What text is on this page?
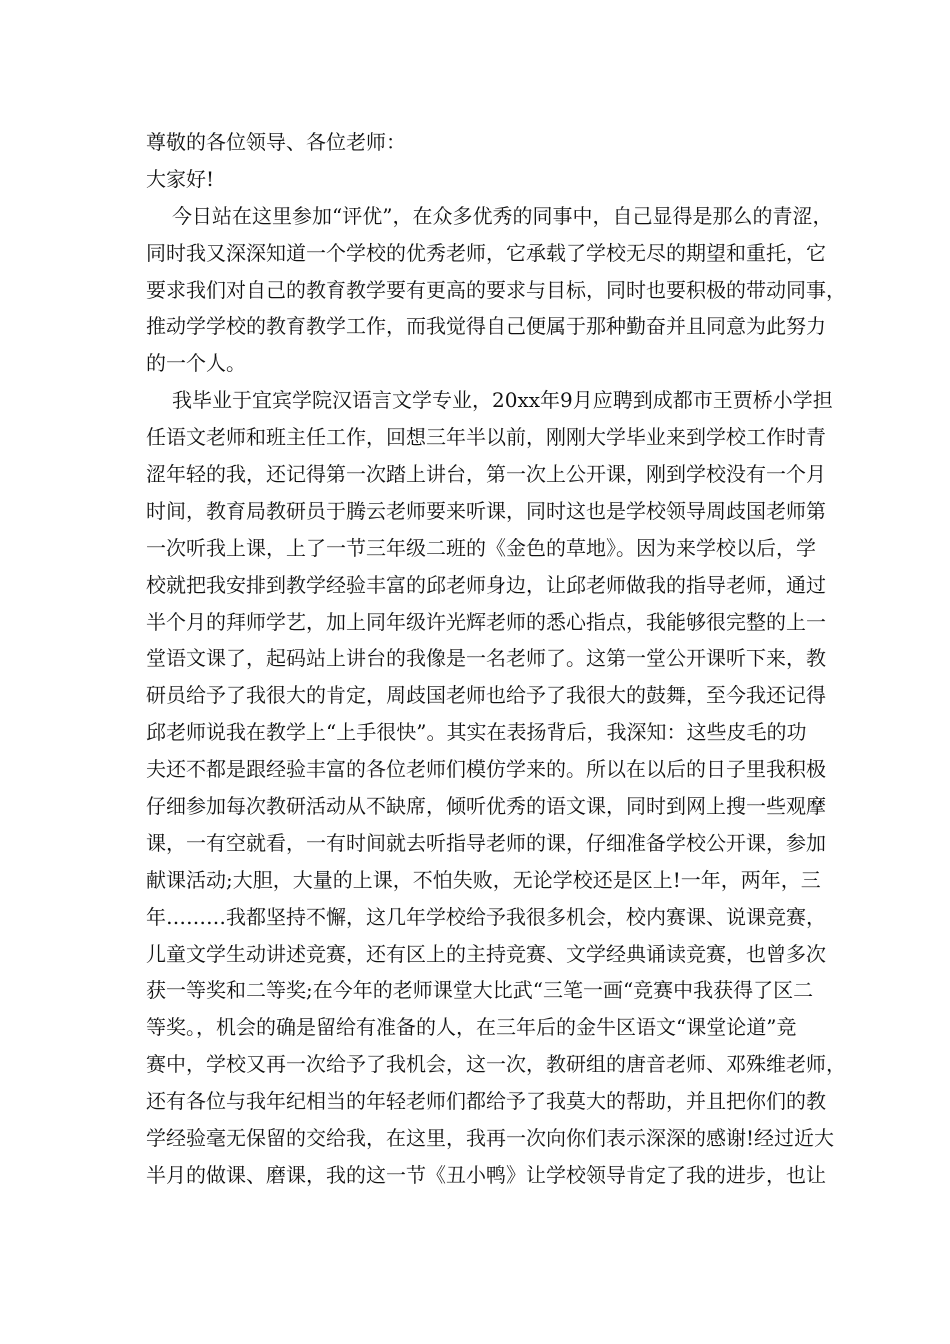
尊敬的各位领导、各位老师：
大家好!
今日站在这里参加“评优”，在众多优秀的同事中，自己显得是那么的青涩，
同时我又深深知道一个学校的优秀老师，它承载了学校无尽的期望和重托，它
要求我们对自己的教育教学要有更高的要求与目标，同时也要积极的带动同事，
推动学学校的教育教学工作，而我觉得自己便属于那种勤奋并且同意为此努力
的一个人。
我毕业于宜宾学院汉语言文学专业，20xx年9月应聘到成都市王贾桥小学担
任语文老师和班主任工作，回想三年半以前，刚刚大学毕业来到学校工作时青
涩年轻的我，还记得第一次踏上讲台，第一次上公开课，刚到学校没有一个月
时间，教育局教研员于腾云老师要来听课，同时这也是学校领导周歧国老师第
一次听我上课，上了一节三年级二班的《金色的草地》。因为来学校以后，学
校就把我安排到教学经验丰富的邱老师身边，让邱老师做我的指导老师，通过
半个月的拜师学艺，加上同年级许光辉老师的悉心指点，我能够很完整的上一
堂语文课了，起码站上讲台的我像是一名老师了。这第一堂公开课听下来，教
研员给予了我很大的肯定，周歧国老师也给予了我很大的鼓舞，至今我还记得
邱老师说我在教学上“上手很快”。其实在表扬背后，我深知：这些皮毛的功
夫还不都是跟经验丰富的各位老师们模仿学来的。所以在以后的日子里我积极
仔细参加每次教研活动从不缺席，倾听优秀的语文课，同时到网上搜一些观摩
课，一有空就看，一有时间就去听指导老师的课，仔细准备学校公开课，参加
献课活动;大胆，大量的上课，不怕失败，无论学校还是区上!一年，两年，三
年………我都坚持不懈，这几年学校给予我很多机会，校内赛课、说课竞赛，
儿童文学生动讲述竞赛，还有区上的主持竞赛、文学经典诵读竞赛，也曾多次
获一等奖和二等奖;在今年的老师课堂大比武“三笔一画“竞赛中我获得了区二
等奖。，机会的确是留给有准备的人，在三年后的金牛区语文“课堂论道”竞
赛中，学校又再一次给予了我机会，这一次，教研组的唐音老师、邓殊维老师，
还有各位与我年纪相当的年轻老师们都给予了我莫大的帮助，并且把你们的教
学经验毫无保留的交给我，在这里，我再一次向你们表示深深的感谢!经过近大
半月的做课、磨课，我的这一节《丑小鸭》让学校领导肯定了我的进步，也让
